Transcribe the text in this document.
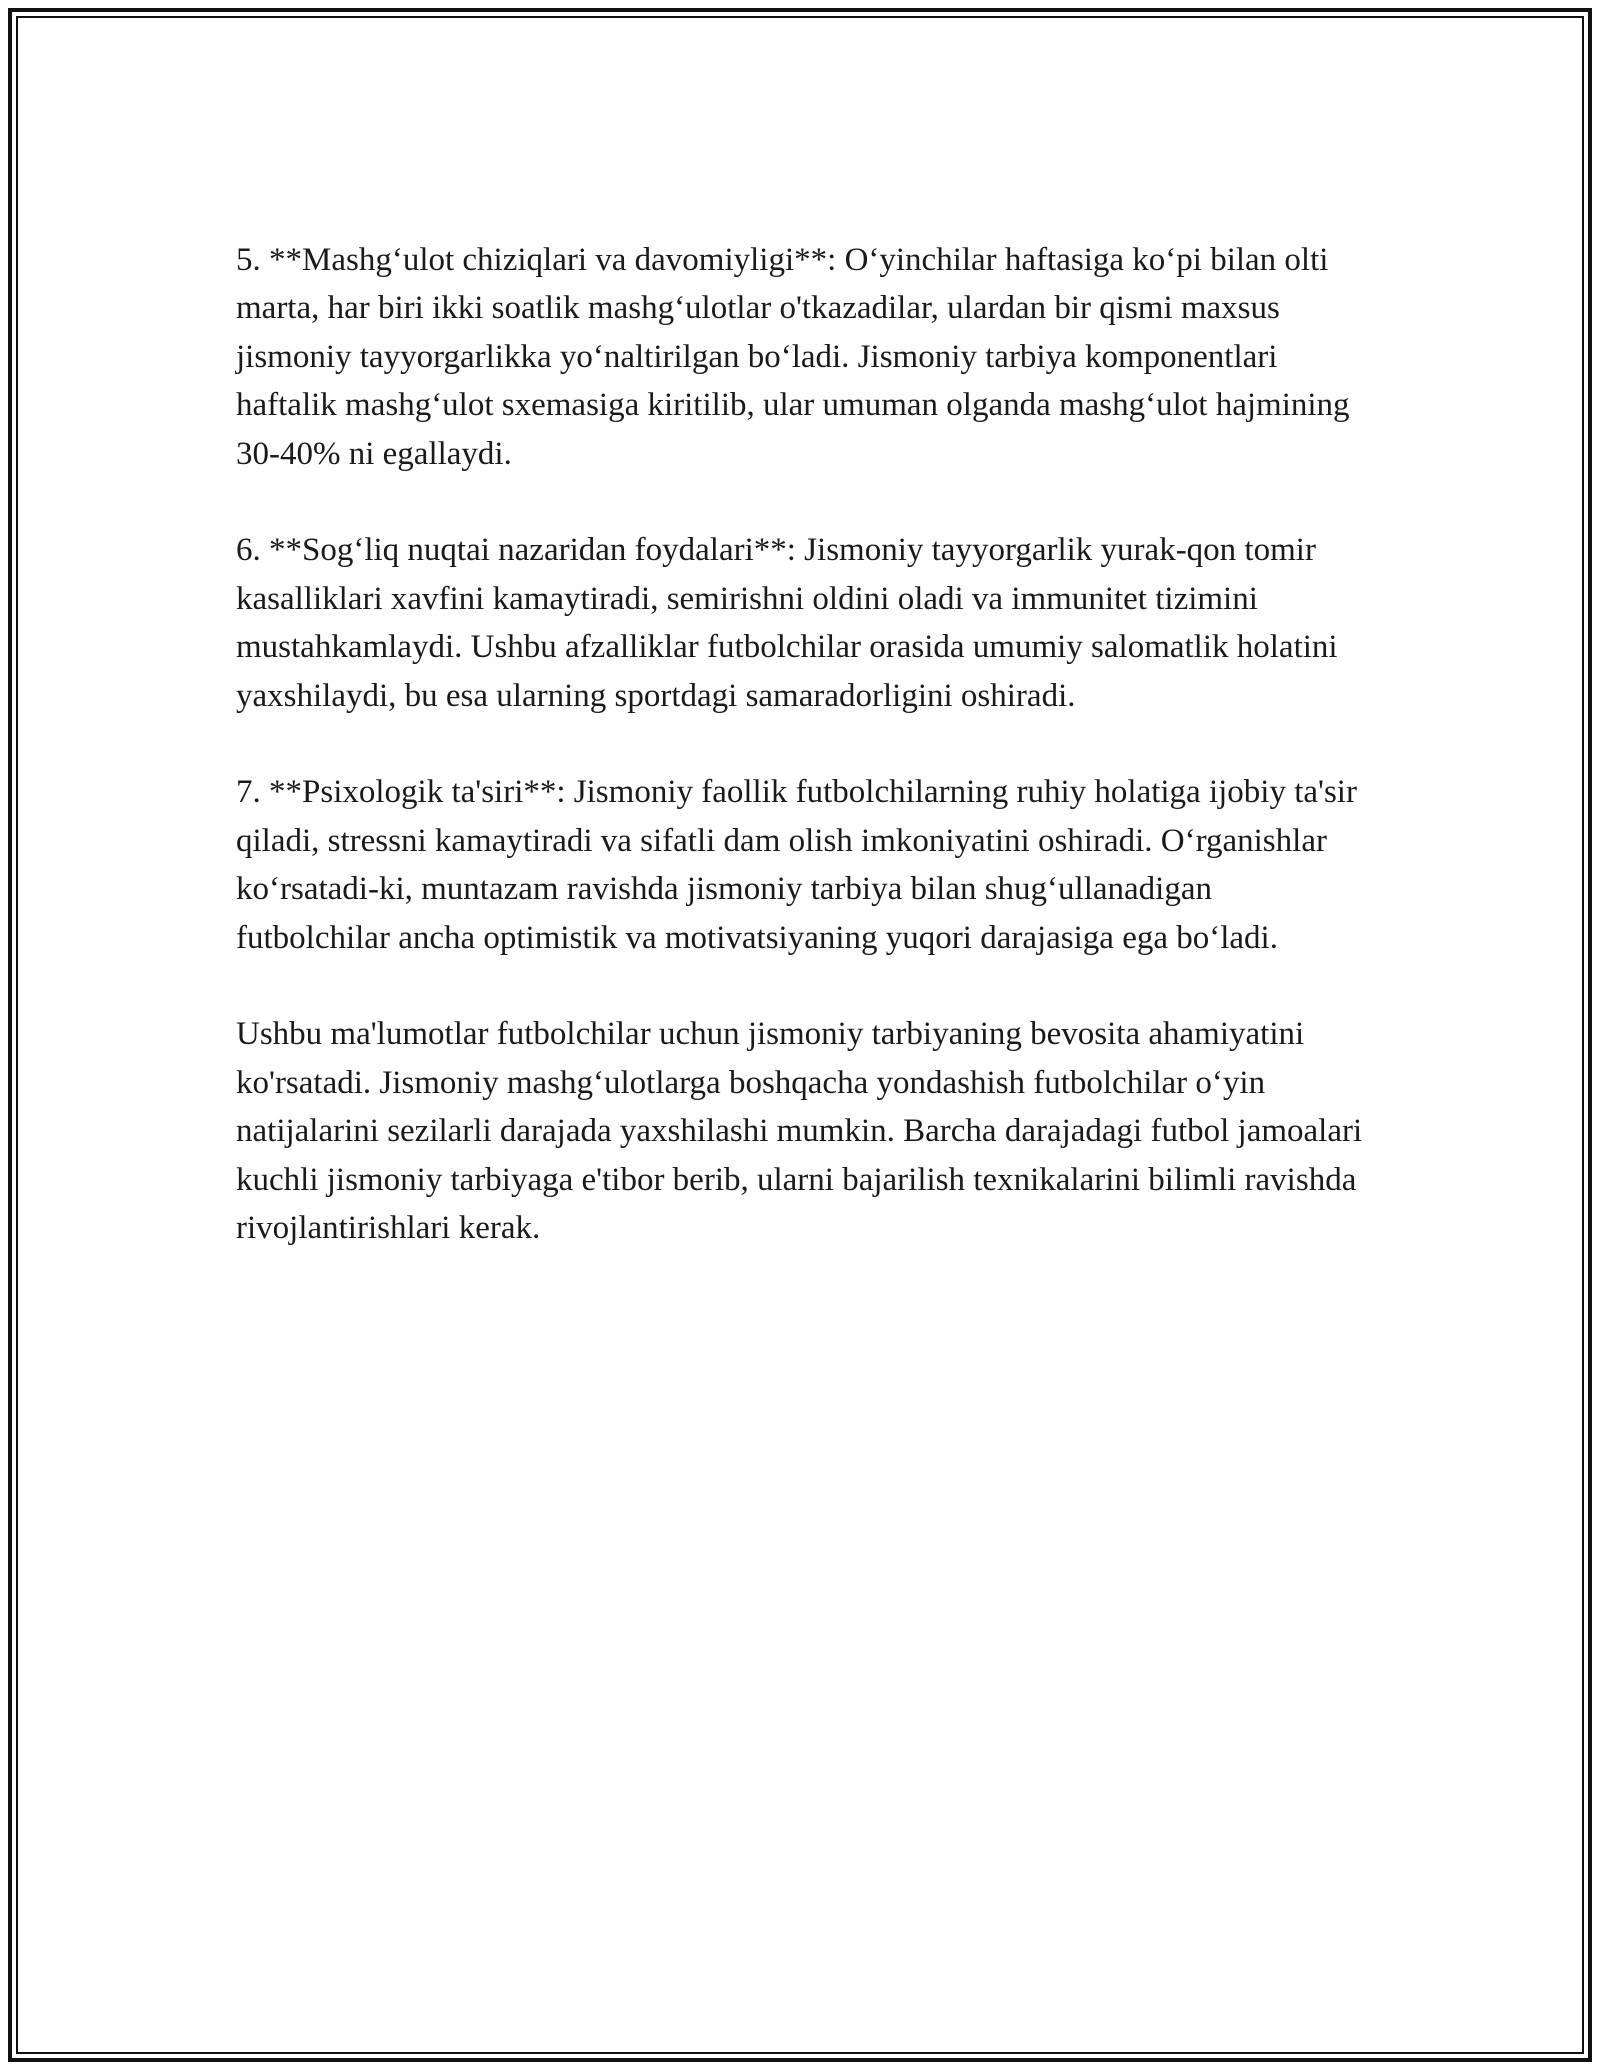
5. **Mashg‘ulot chiziqlari va davomiyligi**: O‘yinchilar haftasiga ko‘pi bilan olti marta, har biri ikki soatlik mashg‘ulotlar o'tkazadilar, ulardan bir qismi maxsus jismoniy tayyorgarlikka yo‘naltirilgan bo‘ladi. Jismoniy tarbiya komponentlari haftalik mashg‘ulot sxemasiga kiritilib, ular umuman olganda mashg‘ulot hajmining 30-40% ni egallaydi.

6. **Sog‘liq nuqtai nazaridan foydalari**: Jismoniy tayyorgarlik yurak-qon tomir kasalliklari xavfini kamaytiradi, semirishni oldini oladi va immunitet tizimini mustahkamlaydi. Ushbu afzalliklar futbolchilar orasida umumiy salomatlik holatini yaxshilaydi, bu esa ularning sportdagi samaradorligini oshiradi.

7. **Psixologik ta'siri**: Jismoniy faollik futbolchilarning ruhiy holatiga ijobiy ta'sir qiladi, stressni kamaytiradi va sifatli dam olish imkoniyatini oshiradi. O‘rganishlar ko‘rsatadi-ki, muntazam ravishda jismoniy tarbiya bilan shug‘ullanadigan futbolchilar ancha optimistik va motivatsiyaning yuqori darajasiga ega bo‘ladi.

Ushbu ma'lumotlar futbolchilar uchun jismoniy tarbiyaning bevosita ahamiyatini ko'rsatadi. Jismoniy mashg‘ulotlarga boshqacha yondashish futbolchilar o‘yin natijalarini sezilarli darajada yaxshilashi mumkin. Barcha darajadagi futbol jamoalari kuchli jismoniy tarbiyaga e'tibor berib, ularni bajarilish texnikalarini bilimli ravishda rivojlantirishlari kerak.
